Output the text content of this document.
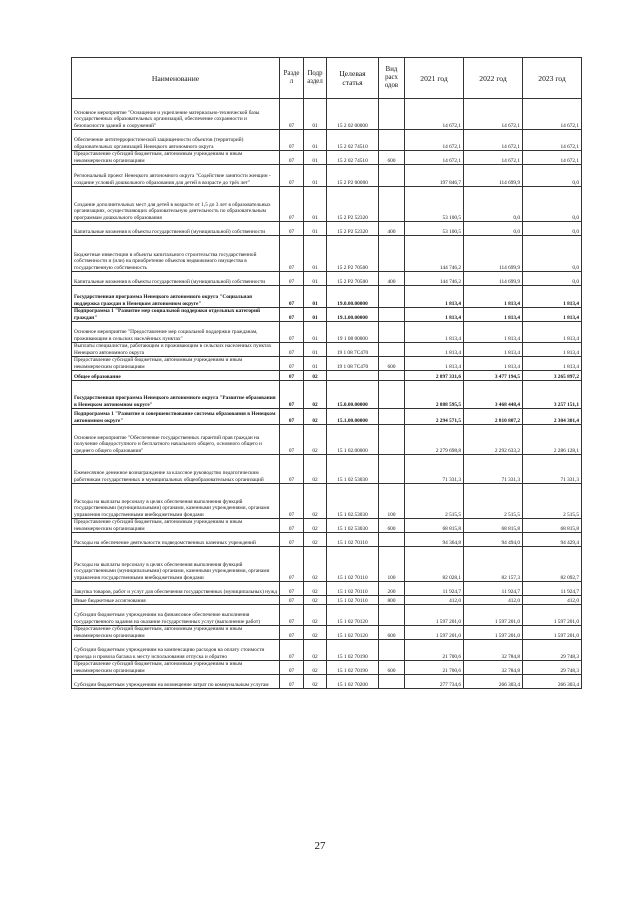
Наименование	Разде л	Подр аздел	Целевая статья	Вид расх одов	2021 год	2022 год	2023 год
Основное мероприятие "Оснащение и укрепление материально-технической базы государственных образовательных организаций, обеспечение сохранности и безопасности зданий и сооружений"	07	01	15 2 02 00000		14 672,1	14 672,1	14 672,1
Обеспечение антитеррористической защищенности объектов (территорий) образовательных организаций Ненецкого автономного округа	07	01	15 2 02 74510		14 672,1	14 672,1	14 672,1
Предоставление субсидий бюджетным, автономным учреждениям и иным некоммерческим организациям	07	01	15 2 02 74510	600	14 672,1	14 672,1	14 672,1
Региональный проект Ненецкого автономного округа "Содействие занятости женщин - создание условий дошкольного образования для детей в возрасте до трёх лет"	07	01	15 2 P2 00000		197 846,7	114 699,9	0,0
Создание дополнительных мест для детей в возрасте от 1,5 до 3 лет в образовательных организациях, осуществляющих образовательную деятельность по образовательным программам дошкольного образования	07	01	15 2 P2 52320		53 100,5	0,0	0,0
Капитальные вложения в объекты государственной (муниципальной) собственности	07	01	15 2 P2 52320	400	53 100,5	0,0	0,0
Бюджетные инвестиции в объекты капитального строительства государственной собственности и (или) на приобретение объектов недвижимого имущества в государственную собственность	07	01	15 2 P2 70500		144 746,2	114 699,9	0,0
Капитальные вложения в объекты государственной (муниципальной) собственности	07	01	15 2 P2 70500	400	144 746,2	114 699,9	0,0
Государственная программа Ненецкого автономного округа "Социальная поддержка граждан в Ненецком автономном округе"	07	01	19.0.00.00000		1 813,4	1 813,4	1 813,4
Подпрограмма 1 "Развитие мер социальной поддержки отдельных категорий граждан"	07	01	19.1.00.00000		1 813,4	1 813,4	1 813,4
Основное мероприятие "Предоставление мер социальной поддержки гражданам, проживающим в сельских населённых пунктах"	07	01	19 1 08 00000		1 813,4	1 813,4	1 813,4
Выплаты специалистам, работающим и проживающим в сельских населенных пунктах Ненецкого автономного округа	07	01	19 1 08 7C470		1 813,4	1 813,4	1 813,4
Предоставление субсидий бюджетным, автономным учреждениям и иным некоммерческим организациям	07	01	19 1 08 7C470	600	1 813,4	1 813,4	1 813,4
Общее образование	07	02			2 897 331,6	3 477 194,5	3 265 897,2
Государственная программа Ненецкого автономного округа "Развитие образования в Ненецком автономном округе"	07	02	15.0.00.00000		2 888 595,5	3 468 448,4	3 257 151,1
Подпрограмма 1 "Развитие и совершенствование системы образования в Ненецком автономном округе"	07	02	15.1.00.00000		2 294 571,5	2 810 807,2	2 304 301,4
Основное мероприятие "Обеспечение государственных гарантий прав граждан на получение общедоступного и бесплатного начального общего, основного общего и среднего общего образования"	07	02	15 1 02.00000		2 279 698,8	2 292 633,2	2 286 128,1
Ежемесячное денежное вознаграждение за классное руководство педагогическим работникам государственных и муниципальных общеобразовательных организаций	07	02	15 1 02 53030		71 331,3	71 331,3	71 331,3
Расходы на выплаты персоналу в целях обеспечения выполнения функций государственными (муниципальными) органами, казенными учреждениями, органами управления государственными внебюджетными фондами	07	02	15 1 02.53030	100	2 515,5	2 515,5	2 515,5
Предоставление субсидий бюджетным, автономным учреждениям и иным некоммерческим организациям	07	02	15 1 02 53030	600	68 815,8	68 815,8	68 815,8
Расходы на обеспечение деятельности подведомственных казенных учреждений	07	02	15 1 02 70110		94 364,8	94 494,0	94 429,4
Расходы на выплаты персоналу в целях обеспечения выполнения функций государственными (муниципальными) органами, казенными учреждениями, органами управления государственными внебюджетными фондами	07	02	15 1 02 70110	100	82 028,1	82 157,3	82 092,7
Закупка товаров, работ и услуг для обеспечения государственных (муниципальных) нужд	07	02	15 1 02 70110	200	11 924,7	11 924,7	11 924,7
Иные бюджетные ассигнования	07	02	15 1 02 70110	800	412,0	412,0	412,0
Субсидии бюджетным учреждениям на финансовое обеспечение выполнения государственного задания на оказание государственных услуг (выполнение работ)	07	02	15 1 02 70120		1 597 201,0	1 597 201,0	1 597 201,0
Предоставление субсидий бюджетным, автономным учреждениям и иным некоммерческим организациям	07	02	15 1 02 70120	600	1 597 201,0	1 597 201,0	1 597 201,0
Субсидии бюджетным учреждениям на компенсацию расходов на оплату стоимости проезда и провоза багажа к месту использования отпуска и обратно	07	02	15 1 02 70190		21 700,6	32 784,8	29 748,3
Предоставление субсидий бюджетным, автономным учреждениям и иным некоммерческим организациям	07	02	15 1 02 70190	600	21 700,6	32 784,8	29 748,3
Субсидии бюджетным учреждениям на возмещение затрат по коммунальным услугам	07	02	15 1 02 70200		277 734,6	266 303,4	266 303,4
27
